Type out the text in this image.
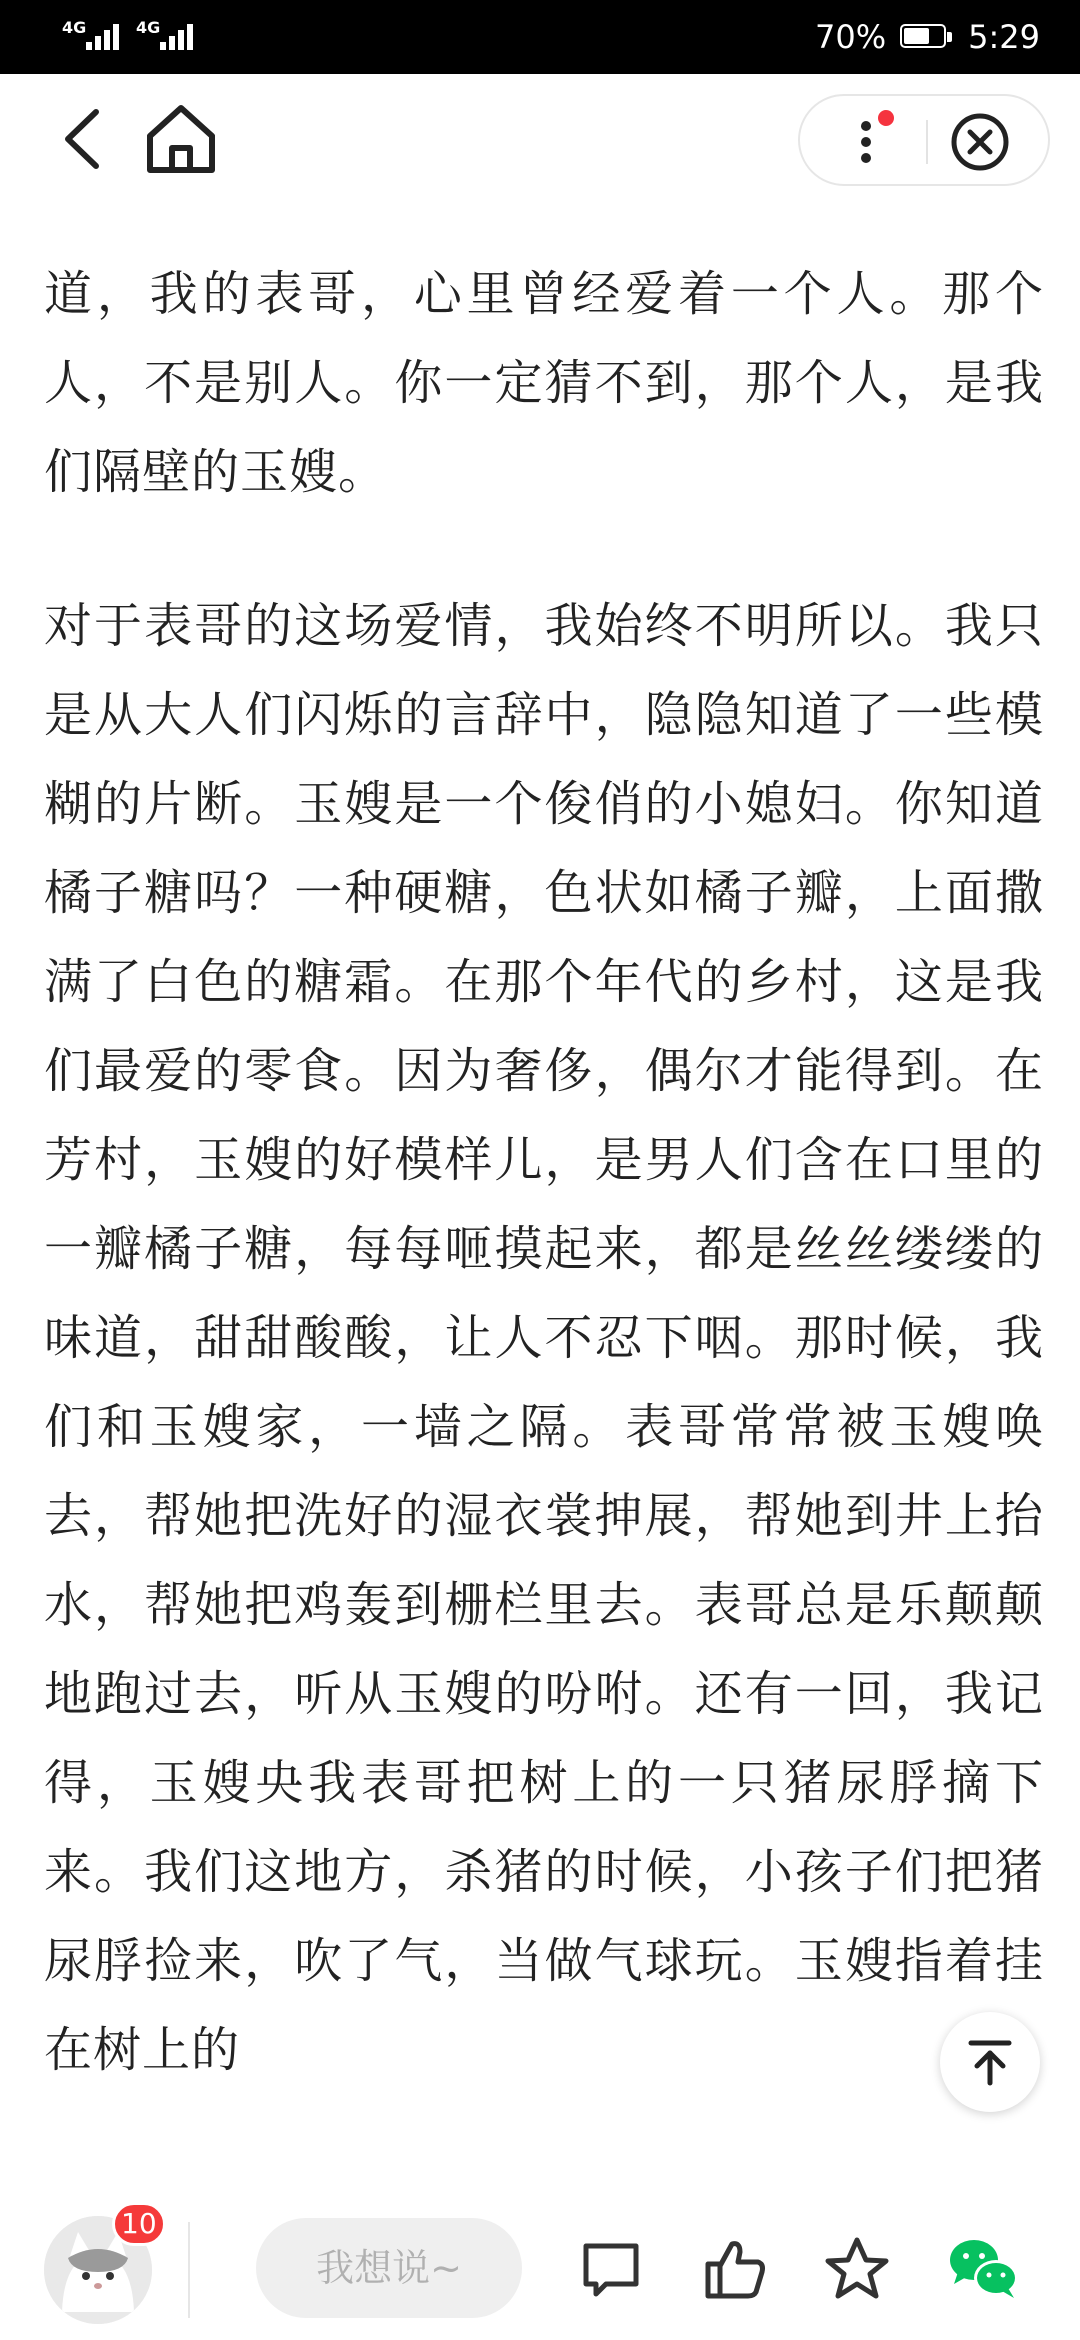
4G	4G	70%	5:29

道，我的表哥，心里曾经爱着一个人。那个人，不是别人。你一定猜不到，那个人，是我们隔壁的玉嫂。

对于表哥的这场爱情，我始终不明所以。我只是从大人们闪烁的言辞中，隐隐知道了一些模糊的片断。玉嫂是一个俊俏的小媳妇。你知道橘子糖吗？一种硬糖，色状如橘子瓣，上面撒满了白色的糖霜。在那个年代的乡村，这是我们最爱的零食。因为奢侈，偶尔才能得到。在芳村，玉嫂的好模样儿，是男人们含在口里的一瓣橘子糖，每每咂摸起来，都是丝丝缕缕的味道，甜甜酸酸，让人不忍下咽。那时候，我们和玉嫂家，一墙之隔。表哥常常被玉嫂唤去，帮她把洗好的湿衣裳抻展，帮她到井上抬水，帮她把鸡轰到栅栏里去。表哥总是乐颠颠地跑过去，听从玉嫂的吩咐。还有一回，我记得，玉嫂央我表哥把树上的一只猪尿脬摘下来。我们这地方，杀猪的时候，小孩子们把猪尿脬捡来，吹了气，当做气球玩。玉嫂指着挂在树上的

10
我想说~
